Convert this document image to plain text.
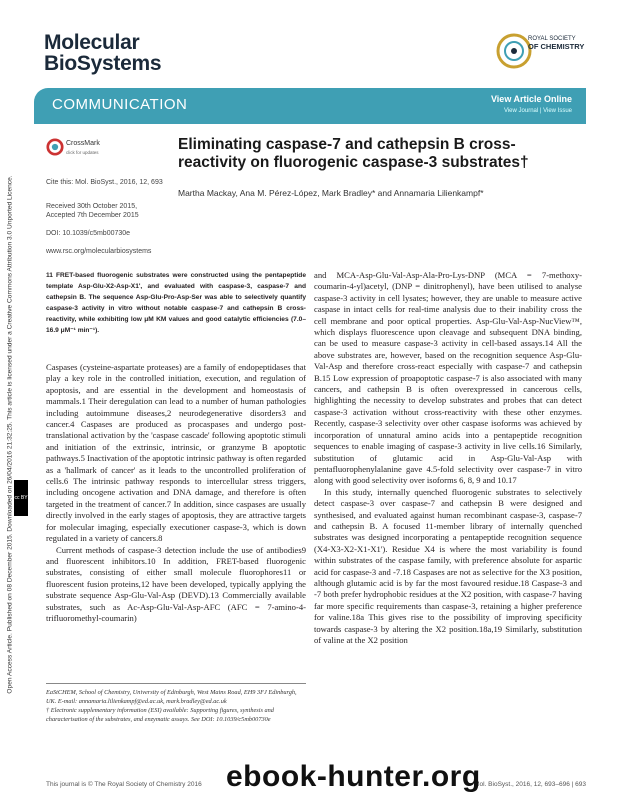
Molecular
BioSystems
ROYAL SOCIETY
OF CHEMISTRY
COMMUNICATION	View Article Online
View Journal | View Issue
CrossMark
click for updates
Cite this: Mol. BioSyst., 2016, 12, 693
Received 30th October 2015,
Accepted 7th December 2015
DOI: 10.1039/c5mb00730e
www.rsc.org/molecularbiosystems
Eliminating caspase-7 and cathepsin B cross-reactivity on fluorogenic caspase-3 substrates†
Martha Mackay, Ana M. Pérez-López, Mark Bradley* and Annamaria Lilienkampf*
11 FRET-based fluorogenic substrates were constructed using the pentapeptide template Asp-Glu-X2-Asp-X1', and evaluated with caspase-3, caspase-7 and cathepsin B. The sequence Asp-Glu-Pro-Asp-Ser was able to selectively quantify caspase-3 activity in vitro without notable caspase-7 and cathepsin B cross-reactivity, while exhibiting low μM KM values and good catalytic efficiencies (7.0–16.9 μM⁻¹ min⁻¹).

Caspases (cysteine-aspartate proteases) are a family of endopeptidases that play a key role in the controlled initiation, execution, and regulation of apoptosis, and are essential in the development and homeostasis of mammals.1 Their deregulation can lead to a number of human pathologies including autoimmune diseases,2 neurodegenerative disorders3 and cancer.4 Caspases are produced as procaspases and undergo post-translational activation by the 'caspase cascade' following apoptotic stimuli and initiation of the extrinsic, intrinsic, or granzyme B apoptotic pathways.5 Inactivation of the apoptotic intrinsic pathway is often regarded as a 'hallmark of cancer' as it leads to the uncontrolled proliferation of cells.6 The intrinsic pathway responds to intercellular stress triggers, including oncogene activation and DNA damage, and therefore is often targeted in the treatment of cancer.7 In addition, since caspases are usually directly involved in the early stages of apoptosis, they are attractive targets for molecular imaging, especially executioner caspase-3, which is down regulated in a variety of cancers.8

Current methods of caspase-3 detection include the use of antibodies9 and fluorescent inhibitors.10 In addition, FRET-based fluorogenic substrates, consisting of either small molecule fluorophores11 or fluorescent fusion proteins,12 have been developed, typically applying the substrate sequence Asp-Glu-Val-Asp (DEVD).13 Commercially available substrates, such as Ac-Asp-Glu-Val-Asp-AFC (AFC = 7-amino-4-trifluoromethyl-coumarin)

EaStCHEM, School of Chemistry, University of Edinburgh, West Mains Road, EH9 3FJ Edinburgh, UK. E-mail: annamaria.lilienkampf@ed.ac.uk, mark.bradley@ed.ac.uk
† Electronic supplementary information (ESI) available: Supporting figures, synthesis and characterisation of the substrates, and enzymatic assays. See DOI: 10.1039/c5mb00730e

and MCA-Asp-Glu-Val-Asp-Ala-Pro-Lys-DNP (MCA = 7-methoxy-coumarin-4-yl)acetyl, (DNP = dinitrophenyl), have been utilised to analyse caspase-3 activity in cell lysates; however, they are unable to measure active caspase in intact cells for real-time analysis due to their inability cross the cell membrane and poor optical properties. Asp-Glu-Val-Asp-NucView™, which displays fluorescence upon cleavage and subsequent DNA binding, can be used to measure caspase-3 activity in cell-based assays.14 All the above substrates are, however, based on the recognition sequence Asp-Glu-Val-Asp and therefore cross-react especially with caspase-7 and cathepsin B.15 Low expression of proapoptotic caspase-7 is also associated with many cancers, and cathepsin B is often overexpressed in cancerous cells, highlighting the necessity to develop substrates and probes that can detect caspase-3 activation without cross-reactivity with these other enzymes. Recently, caspase-3 selectivity over other caspase isoforms was achieved by incorporation of unnatural amino acids into a pentapeptide recognition sequences to enable imaging of caspase-3 activity in live cells.16 Similarly, substitution of glutamic acid in Asp-Glu-Val-Asp with pentafluorophenylalanine gave 4.5-fold selectivity over caspase-7 in vitro along with good selectivity over isoforms 6, 8, 9 and 10.17

In this study, internally quenched fluorogenic substrates to selectively detect caspase-3 over caspase-7 and cathepsin B were designed and synthesised, and evaluated against human recombinant caspase-3, caspase-7 and cathepsin B. A focused 11-member library of internally quenched substrates was designed incorporating a pentapeptide recognition sequence (X4-X3-X2-X1-X1'). Residue X4 is where the most variability is found within substrates of the caspase family, with preference absolute for aspartic acid for caspase-3 and -7.18 Caspases are not as selective for the X3 position, although glutamic acid is by far the most favoured residue.18 Caspase-3 and -7 both prefer hydrophobic residues at the X2 position, with caspase-7 having far more specific requirements than caspase-3, retaining a higher preference for valine.18a This gives rise to the possibility of improving specificity towards caspase-3 by altering the X2 position.18a,19 Similarly, substitution of valine at the X2 position

Open Access Article. Published on 08 December 2015. Downloaded on 26/04/2016 21:32:25. This article is licensed under a Creative Commons Attribution 3.0 Unported Licence. cc BY
This journal is © The Royal Society of Chemistry 2016	Mol. BioSyst., 2016, 12, 693–696 | 693
ebook-hunter.org
